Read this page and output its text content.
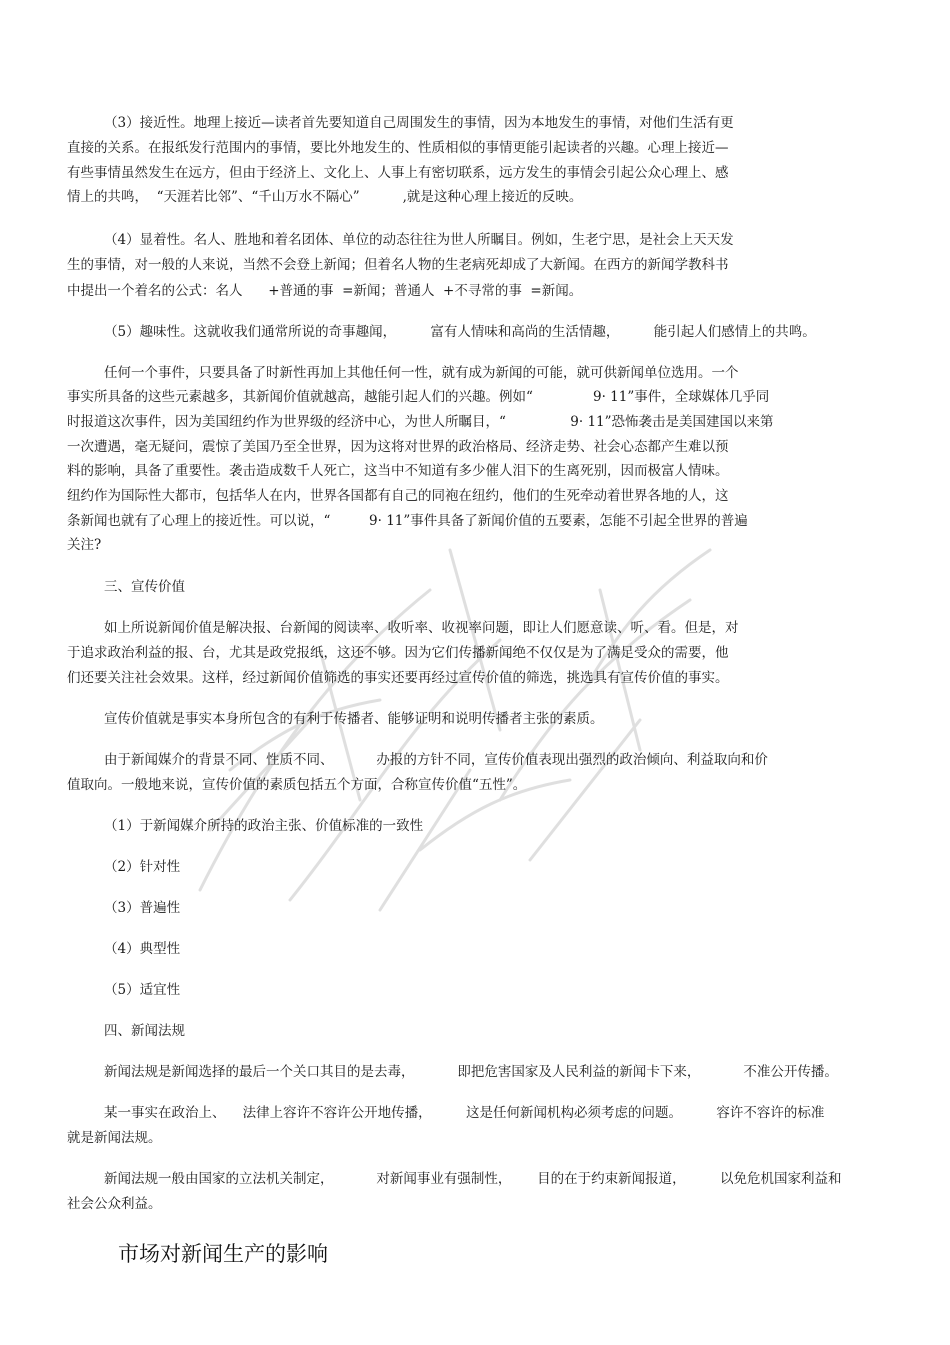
（3）接近性。地理上接近—读者首先要知道自己周围发生的事情，因为本地发生的事情，对他们生活有更
直接的关系。在报纸发行范围内的事情，要比外地发生的、性质相似的事情更能引起读者的兴趣。心理上接近—
有些事情虽然发生在远方，但由于经济上、文化上、人事上有密切联系，远方发生的事情会引起公众心理上、感
情上的共鸣，  “天涯若比邻”、“千山万水不隔心”          ,就是这种心理上接近的反映。
（4）显着性。名人、胜地和着名团体、单位的动态往往为世人所瞩目。例如，生老宁思，是社会上天天发
生的事情，对一般的人来说，当然不会登上新闻；但着名人物的生老病死却成了大新闻。在西方的新闻学教科书
中提出一个着名的公式：名人      +普通的事  =新闻；普通人  +不寻常的事  =新闻。
（5）趣味性。这就收我们通常所说的奇事趣闻，        富有人情味和高尚的生活情趣，        能引起人们感情上的共鸣。
任何一个事件，只要具备了时新性再加上其他任何一性，就有成为新闻的可能，就可供新闻单位选用。一个
事实所具备的这些元素越多，其新闻价值就越高，越能引起人们的兴趣。例如“              9· 11”事件，全球媒体几乎同
时报道这次事件，因为美国纽约作为世界级的经济中心，为世人所瞩目，“               9· 11”恐怖袭击是美国建国以来第
一次遭遇，毫无疑问，震惊了美国乃至全世界，因为这将对世界的政治格局、经济走势、社会心态都产生难以预
料的影响，具备了重要性。袭击造成数千人死亡，这当中不知道有多少催人泪下的生离死别，因而极富人情味。
纽约作为国际性大都市，包括华人在内，世界各国都有自己的同袍在纽约，他们的生死牵动着世界各地的人，这
条新闻也就有了心理上的接近性。可以说，“         9· 11”事件具备了新闻价值的五要素，怎能不引起全世界的普遍
关注?
三、宣传价值
如上所说新闻价值是解决报、台新闻的阅读率、收听率、收视率问题，即让人们愿意读、听、看。但是，对
于追求政治利益的报、台，尤其是政党报纸，这还不够。因为它们传播新闻绝不仅仅是为了满足受众的需要，他
们还要关注社会效果。这样，经过新闻价值筛选的事实还要再经过宣传价值的筛选，挑选具有宣传价值的事实。
宣传价值就是事实本身所包含的有利于传播者、能够证明和说明传播者主张的素质。
由于新闻媒介的背景不同、性质不同、          办报的方针不同，宣传价值表现出强烈的政治倾向、利益取向和价
值取向。一般地来说，宣传价值的素质包括五个方面，合称宣传价值“五性”。
（1）于新闻媒介所持的政治主张、价值标准的一致性
（2）针对性
（3）普遍性
（4）典型性
（5）适宜性
四、新闻法规
新闻法规是新闻选择的最后一个关口其目的是去毒，          即把危害国家及人民利益的新闻卡下来，          不准公开传播。
某一事实在政治上、    法律上容许不容许公开地传播，        这是任何新闻机构必须考虑的问题。        容许不容许的标准
就是新闻法规。
新闻法规一般由国家的立法机关制定，          对新闻事业有强制性，      目的在于约束新闻报道，        以免危机国家利益和
社会公众利益。
市场对新闻生产的影响
